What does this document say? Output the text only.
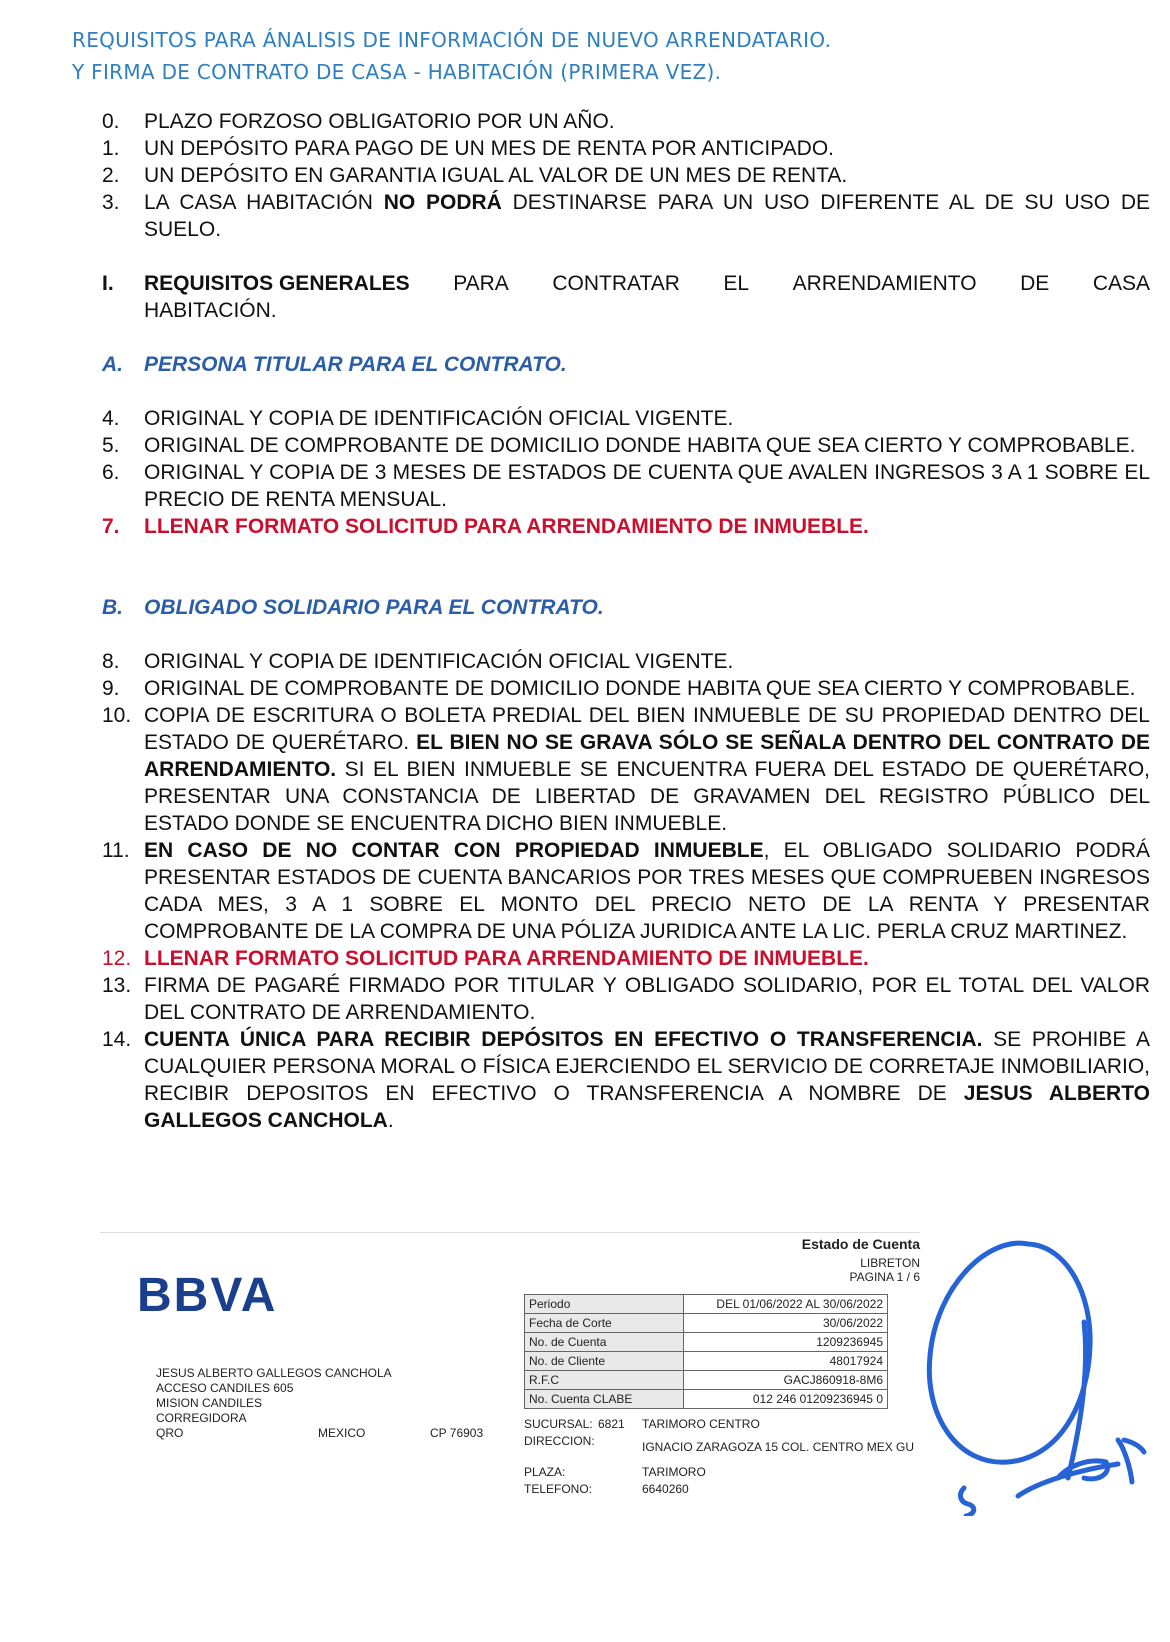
REQUISITOS PARA ÁNALISIS DE INFORMACIÓN DE NUEVO ARRENDATARIO.
Y FIRMA DE CONTRATO DE CASA - HABITACIÓN (PRIMERA VEZ).
0. PLAZO FORZOSO OBLIGATORIO POR UN AÑO.
1. UN DEPÓSITO PARA PAGO DE UN MES DE RENTA POR ANTICIPADO.
2. UN DEPÓSITO EN GARANTIA IGUAL AL VALOR DE UN MES DE RENTA.
3. LA CASA HABITACIÓN NO PODRÁ DESTINARSE PARA UN USO DIFERENTE AL DE SU USO DE SUELO.
I. REQUISITOS GENERALES PARA CONTRATAR EL ARRENDAMIENTO DE CASA
HABITACIÓN.
A. PERSONA TITULAR PARA EL CONTRATO.
4. ORIGINAL Y COPIA DE IDENTIFICACIÓN OFICIAL VIGENTE.
5. ORIGINAL DE COMPROBANTE DE DOMICILIO DONDE HABITA QUE SEA CIERTO Y COMPROBABLE.
6. ORIGINAL Y COPIA DE 3 MESES DE ESTADOS DE CUENTA QUE AVALEN INGRESOS 3 A 1 SOBRE EL PRECIO DE RENTA MENSUAL.
7. LLENAR FORMATO SOLICITUD PARA ARRENDAMIENTO DE INMUEBLE.
B. OBLIGADO SOLIDARIO PARA EL CONTRATO.
8. ORIGINAL Y COPIA DE IDENTIFICACIÓN OFICIAL VIGENTE.
9. ORIGINAL DE COMPROBANTE DE DOMICILIO DONDE HABITA QUE SEA CIERTO Y COMPROBABLE.
10. COPIA DE ESCRITURA O BOLETA PREDIAL DEL BIEN INMUEBLE DE SU PROPIEDAD DENTRO DEL ESTADO DE QUERÉTARO. EL BIEN NO SE GRAVA SÓLO SE SEÑALA DENTRO DEL CONTRATO DE ARRENDAMIENTO. SI EL BIEN INMUEBLE SE ENCUENTRA FUERA DEL ESTADO DE QUERÉTARO, PRESENTAR UNA CONSTANCIA DE LIBERTAD DE GRAVAMEN DEL REGISTRO PÚBLICO DEL ESTADO DONDE SE ENCUENTRA DICHO BIEN INMUEBLE.
11. EN CASO DE NO CONTAR CON PROPIEDAD INMUEBLE, EL OBLIGADO SOLIDARIO PODRÁ PRESENTAR ESTADOS DE CUENTA BANCARIOS POR TRES MESES QUE COMPRUEBEN INGRESOS CADA MES, 3 A 1 SOBRE EL MONTO DEL PRECIO NETO DE LA RENTA Y PRESENTAR COMPROBANTE DE LA COMPRA DE UNA PÓLIZA JURIDICA ANTE LA LIC. PERLA CRUZ MARTINEZ.
12. LLENAR FORMATO SOLICITUD PARA ARRENDAMIENTO DE INMUEBLE.
13. FIRMA DE PAGARÉ FIRMADO POR TITULAR Y OBLIGADO SOLIDARIO, POR EL TOTAL DEL VALOR DEL CONTRATO DE ARRENDAMIENTO.
14. CUENTA ÚNICA PARA RECIBIR DEPÓSITOS EN EFECTIVO O TRANSFERENCIA. SE PROHIBE A CUALQUIER PERSONA MORAL O FÍSICA EJERCIENDO EL SERVICIO DE CORRETAJE INMOBILIARIO, RECIBIR DEPOSITOS EN EFECTIVO O TRANSFERENCIA A NOMBRE DE JESUS ALBERTO GALLEGOS CANCHOLA.
BBVA
Estado de Cuenta
LIBRETON
PAGINA 1 / 6
JESUS ALBERTO GALLEGOS CANCHOLA
ACCESO CANDILES 605
MISION CANDILES
CORREGIDORA
QRO	MEXICO	CP 76903
Periodo	DEL 01/06/2022 AL 30/06/2022
Fecha de Corte	30/06/2022
No. de Cuenta	1209236945
No. de Cliente	48017924
R.F.C	GACJ860918-8M6
No. Cuenta CLABE	012 246 01209236945 0
SUCURSAL: 6821	TARIMORO CENTRO
DIRECCION:	IGNACIO ZARAGOZA 15 COL. CENTRO MEX GU
PLAZA:	TARIMORO
TELEFONO:	6640260
